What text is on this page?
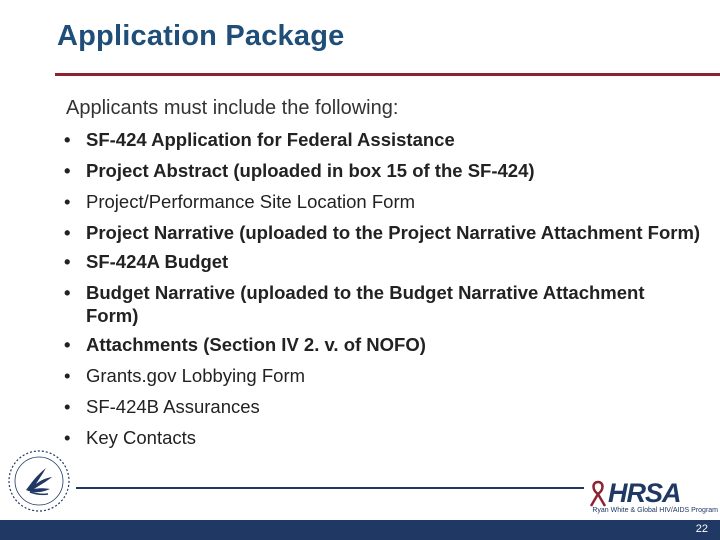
Application Package
Applicants must include the following:
• SF-424 Application for Federal Assistance
• Project Abstract (uploaded in box 15 of the SF-424)
• Project/Performance Site Location Form
• Project Narrative (uploaded to the Project Narrative Attachment Form)
• SF-424A Budget
• Budget Narrative (uploaded to the Budget Narrative Attachment Form)
• Attachments (Section IV 2. v. of NOFO)
• Grants.gov Lobbying Form
• SF-424B Assurances
• Key Contacts
HRSA
Ryan White & Global HIV/AIDS Program
22
